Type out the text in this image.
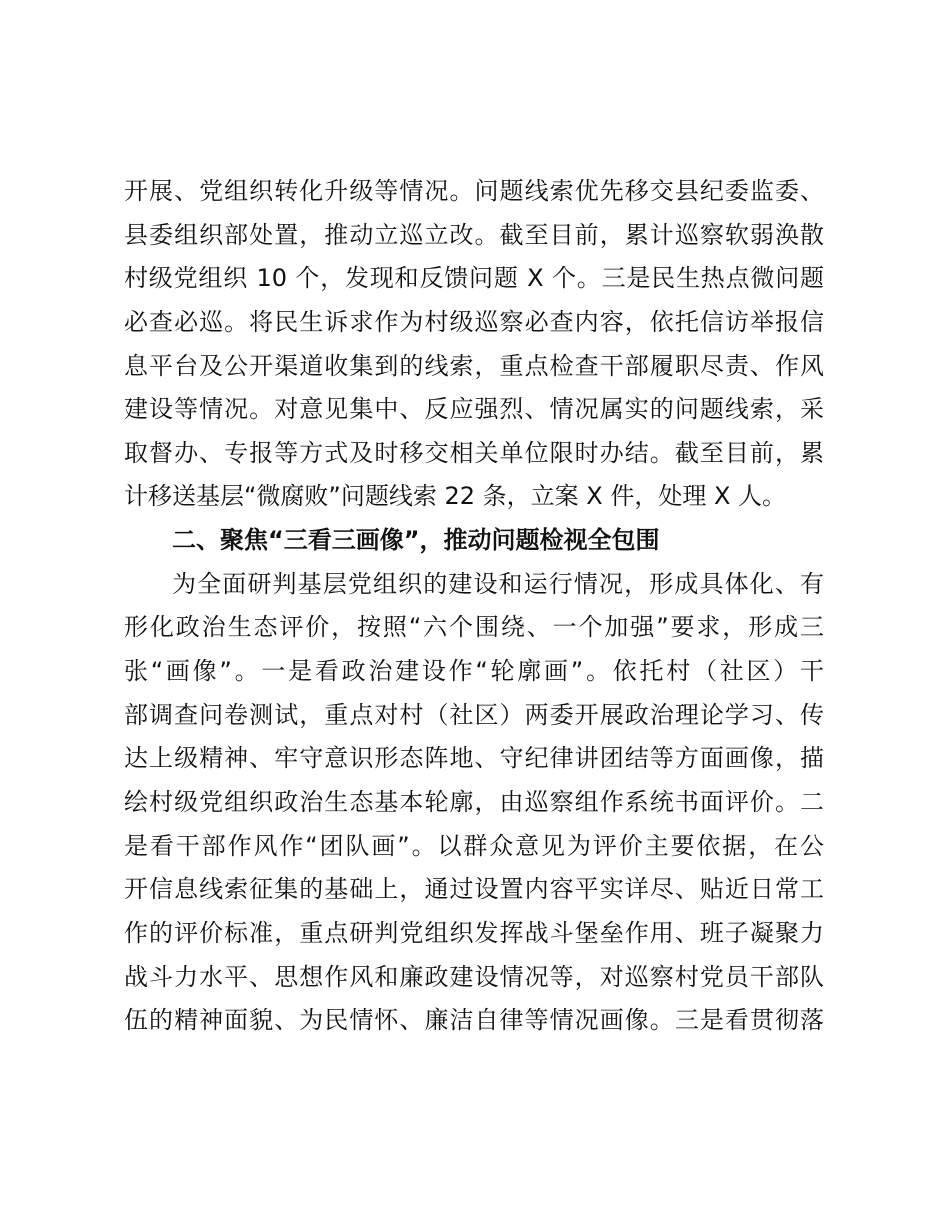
开展、党组织转化升级等情况。问题线索优先移交县纪委监委、
县委组织部处置，推动立巡立改。截至目前，累计巡察软弱涣散
村级党组织 10 个，发现和反馈问题 X 个。三是民生热点微问题
必查必巡。将民生诉求作为村级巡察必查内容，依托信访举报信
息平台及公开渠道收集到的线索，重点检查干部履职尽责、作风
建设等情况。对意见集中、反应强烈、情况属实的问题线索，采
取督办、专报等方式及时移交相关单位限时办结。截至目前，累
计移送基层“微腐败”问题线索 22 条，立案 X 件，处理 X 人。
二、聚焦“三看三画像”，推动问题检视全包围
为全面研判基层党组织的建设和运行情况，形成具体化、有
形化政治生态评价，按照“六个围绕、一个加强”要求，形成三
张“画像”。一是看政治建设作“轮廓画”。依托村（社区）干
部调查问卷测试，重点对村（社区）两委开展政治理论学习、传
达上级精神、牢守意识形态阵地、守纪律讲团结等方面画像，描
绘村级党组织政治生态基本轮廓，由巡察组作系统书面评价。二
是看干部作风作“团队画”。以群众意见为评价主要依据，在公
开信息线索征集的基础上，通过设置内容平实详尽、贴近日常工
作的评价标准，重点研判党组织发挥战斗堡垒作用、班子凝聚力
战斗力水平、思想作风和廉政建设情况等，对巡察村党员干部队
伍的精神面貌、为民情怀、廉洁自律等情况画像。三是看贯彻落
